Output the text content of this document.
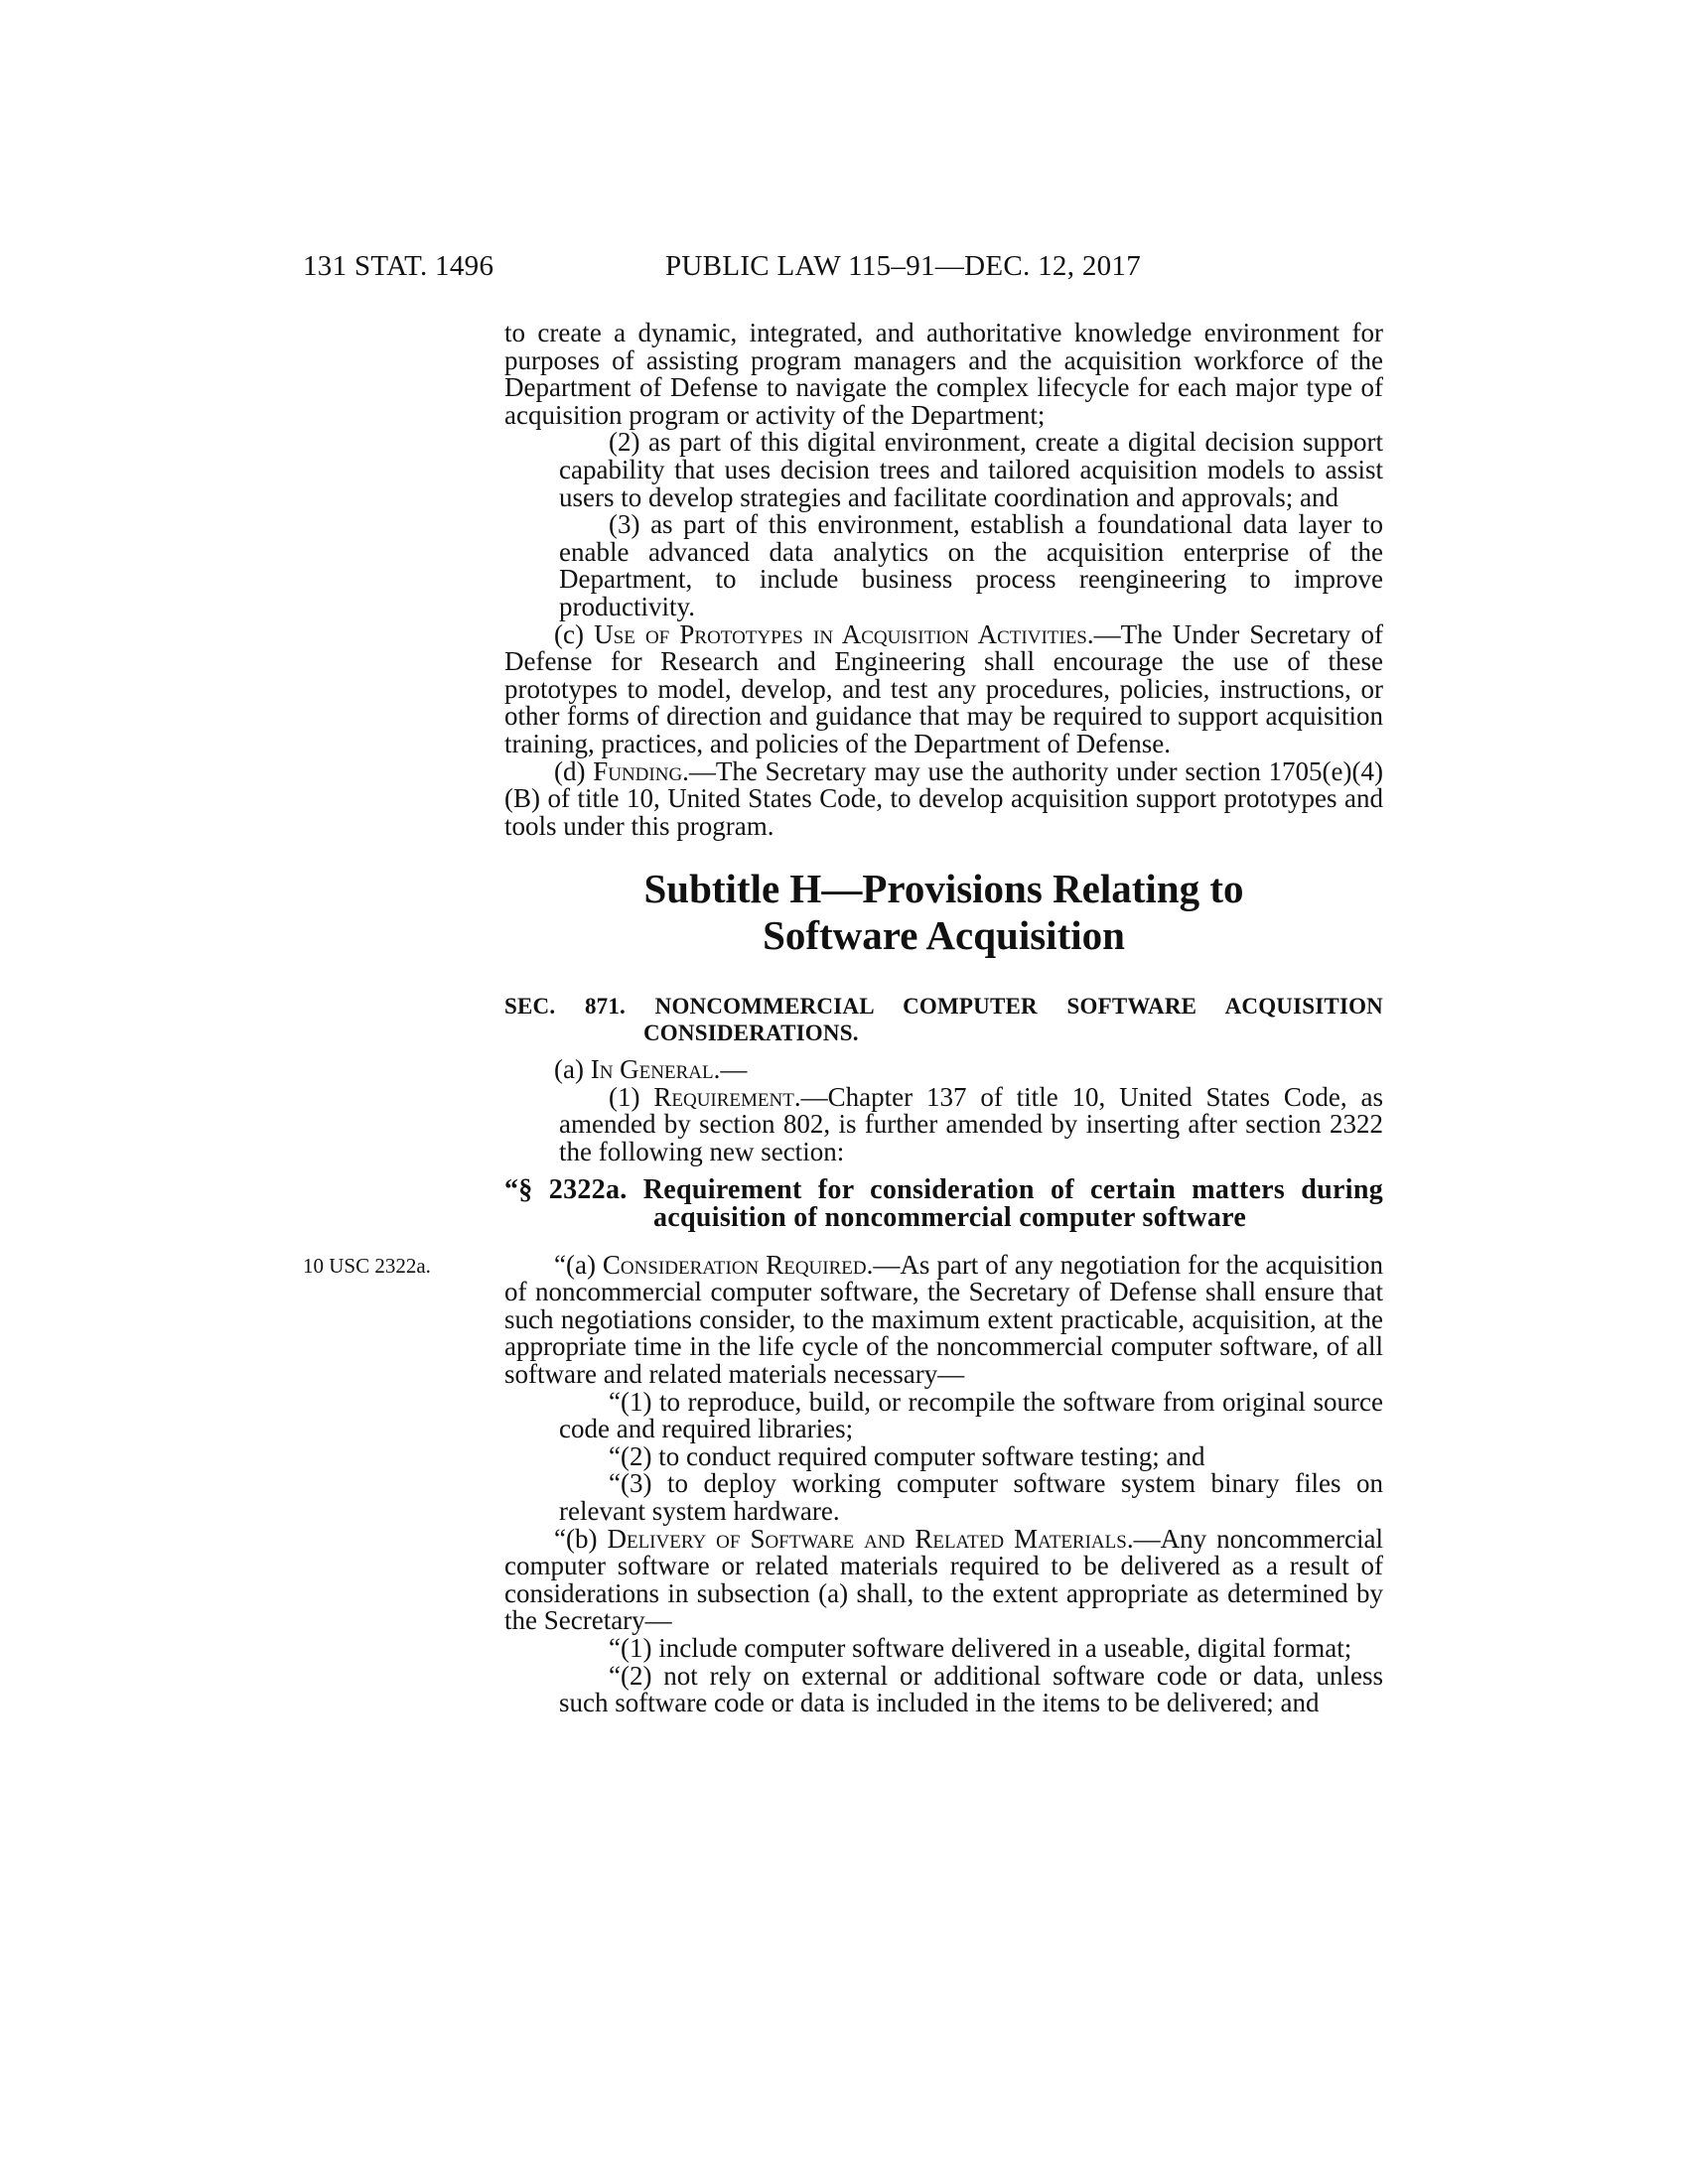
131 STAT. 1496	PUBLIC LAW 115–91—DEC. 12, 2017
10 USC 2322a.

to create a dynamic, integrated, and authoritative knowledge environment for purposes of assisting program managers and the acquisition workforce of the Department of Defense to navigate the complex lifecycle for each major type of acquisition program or activity of the Department;

(2) as part of this digital environment, create a digital decision support capability that uses decision trees and tailored acquisition models to assist users to develop strategies and facilitate coordination and approvals; and

(3) as part of this environment, establish a foundational data layer to enable advanced data analytics on the acquisition enterprise of the Department, to include business process reengineering to improve productivity.

(c) Use of Prototypes in Acquisition Activities.—The Under Secretary of Defense for Research and Engineering shall encourage the use of these prototypes to model, develop, and test any procedures, policies, instructions, or other forms of direction and guidance that may be required to support acquisition training, practices, and policies of the Department of Defense.

(d) Funding.—The Secretary may use the authority under section 1705(e)(4)(B) of title 10, United States Code, to develop acquisition support prototypes and tools under this program.

Subtitle H—Provisions Relating to
Software Acquisition

SEC. 871. NONCOMMERCIAL COMPUTER SOFTWARE ACQUISITION CONSIDERATIONS.

(a) In General.—

(1) Requirement.—Chapter 137 of title 10, United States Code, as amended by section 802, is further amended by inserting after section 2322 the following new section:

“§ 2322a. Requirement for consideration of certain matters during acquisition of noncommercial computer software

“(a) Consideration Required.—As part of any negotiation for the acquisition of noncommercial computer software, the Secretary of Defense shall ensure that such negotiations consider, to the maximum extent practicable, acquisition, at the appropriate time in the life cycle of the noncommercial computer software, of all software and related materials necessary—

“(1) to reproduce, build, or recompile the software from original source code and required libraries;

“(2) to conduct required computer software testing; and

“(3) to deploy working computer software system binary files on relevant system hardware.

“(b) Delivery of Software and Related Materials.—Any noncommercial computer software or related materials required to be delivered as a result of considerations in subsection (a) shall, to the extent appropriate as determined by the Secretary—

“(1) include computer software delivered in a useable, digital format;

“(2) not rely on external or additional software code or data, unless such software code or data is included in the items to be delivered; and
